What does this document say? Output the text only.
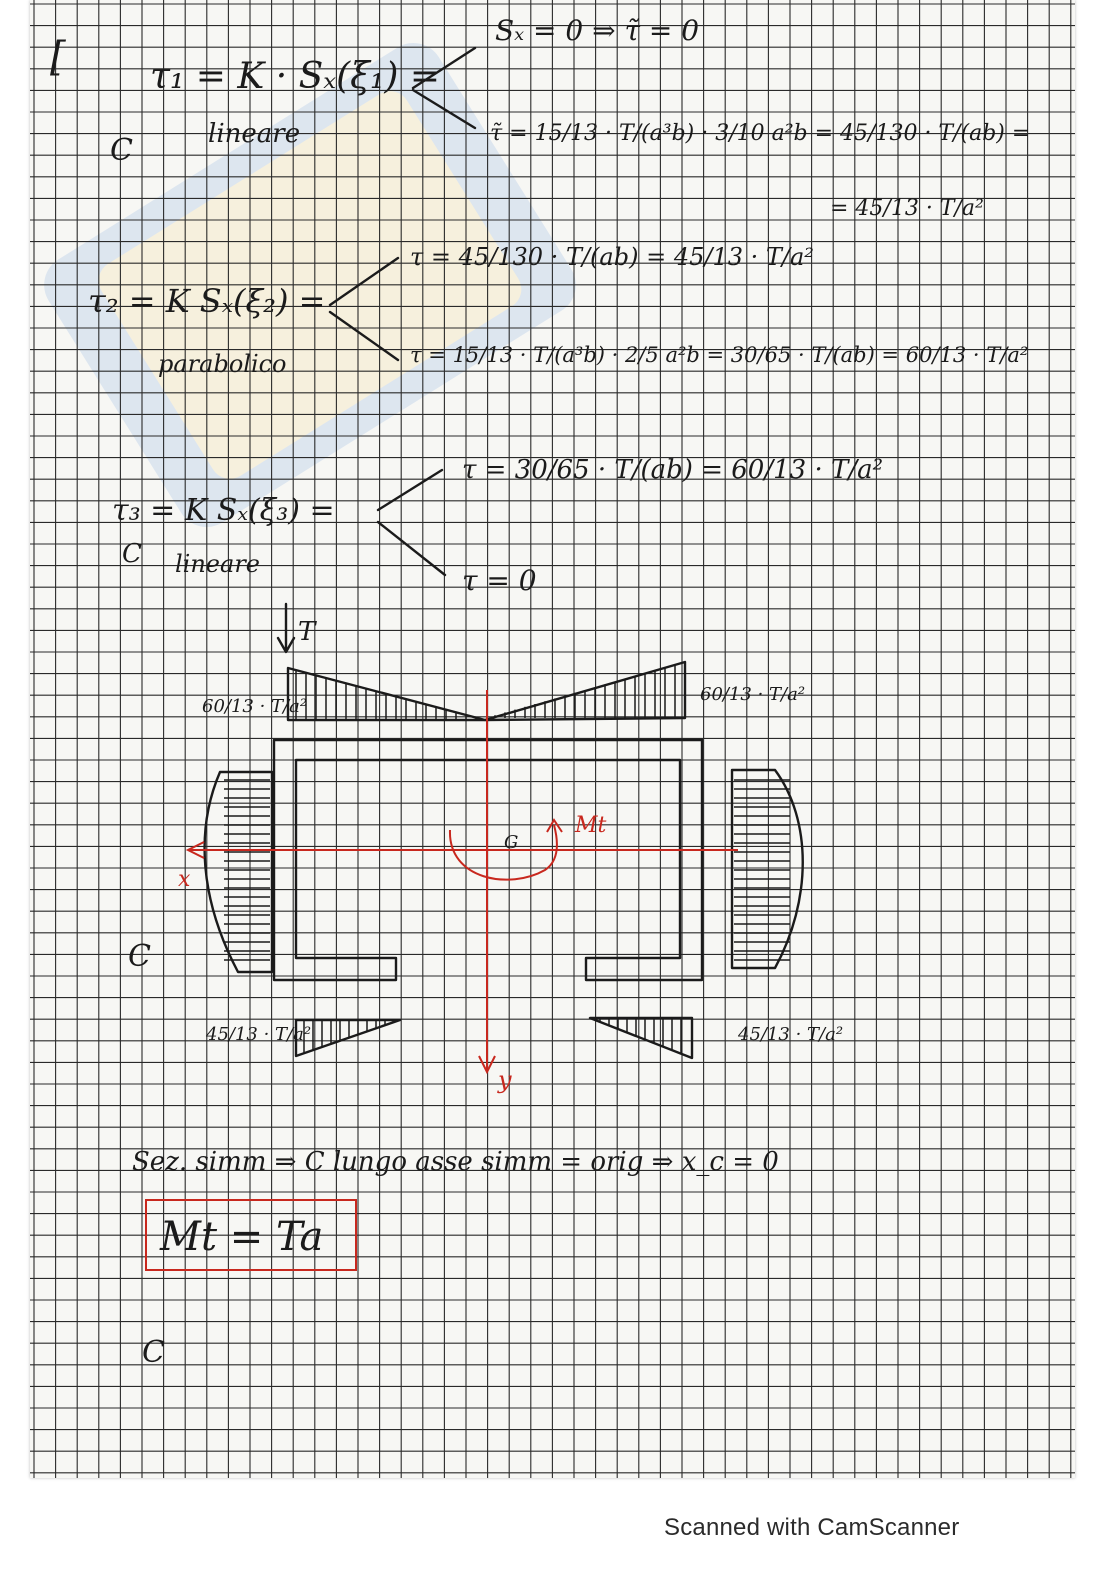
[
C
C
C
C
τ₁ = K · Sₓ(ξ₁) =
lineare
Sₓ = 0 ⇒ τ̃ = 0
τ̃ = 15/13 · T/(a³b) · 3/10 a²b = 45/130 · T/(ab) =
= 45/13 · T/a²
τ₂ = K Sₓ(ξ₂) =
parabolico
τ = 45/130 · T/(ab) = 45/13 · T/a²
τ = 15/13 · T/(a³b) · 2/5 a²b = 30/65 · T/(ab) = 60/13 · T/a²
τ₃ = K Sₓ(ξ₃) =
lineare
τ = 30/65 · T/(ab) = 60/13 · T/a²
τ = 0
T
60/13 · T/a²
60/13 · T/a²
45/13 · T/a²	45/13 · T/a²
x
y
G
Mt
Sez. simm ⇒ C lungo asse simm = orig ⇒ x_c = 0
Mt = Ta
Scanned with CamScanner
